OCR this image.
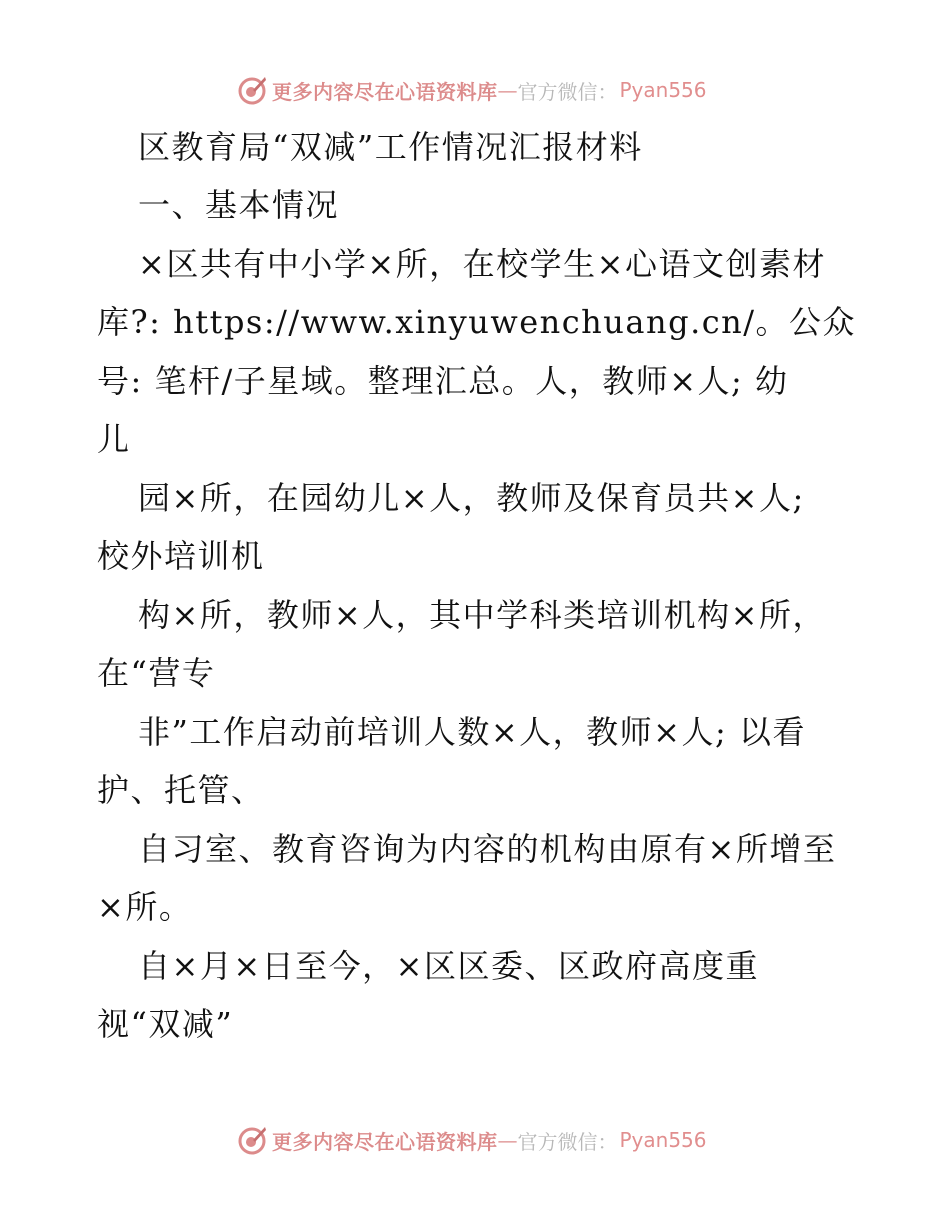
更多内容尽在心语资料库 — 官方微信： Pyan556
区教育局“双减”工作情况汇报材料
一、基本情况
×区共有中小学×所，在校学生×心语文创素材
库?: https://www.xinyuwenchuang.cn/。公众
号: 笔杆/子星域。整理汇总。人，教师×人; 幼
儿
园×所，在园幼儿×人，教师及保育员共×人;
校外培训机
构×所，教师×人，其中学科类培训机构×所，
在“营专
非”工作启动前培训人数×人，教师×人; 以看
护、托管、
自习室、教育咨询为内容的机构由原有×所增至
×所。
自×月×日至今，×区区委、区政府高度重
视“双减”
更多内容尽在心语资料库 — 官方微信： Pyan556
